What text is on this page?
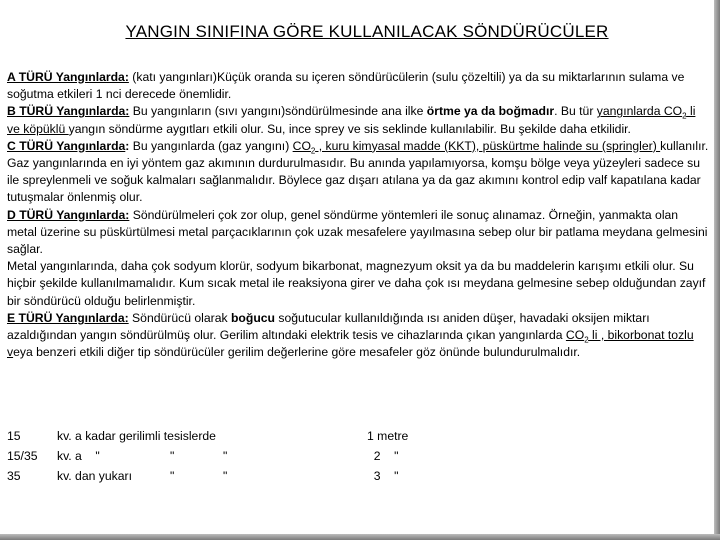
YANGIN SINIFINA GÖRE KULLANILACAK SÖNDÜRÜCÜLER

A TÜRÜ Yangınlarda: (katı yangınları)Küçük oranda su içeren söndürücülerin (sulu çözeltili) ya da su miktarlarının sulama ve soğutma etkileri 1 nci derecede önemlidir.

B TÜRÜ Yangınlarda: Bu yangınların (sıvı yangını)söndürülmesinde ana ilke örtme ya da boğmadır. Bu tür yangınlarda $CO_2$ li ve köpüklü yangın söndürme aygıtları etkili olur. Su, ince sprey ve sis seklinde kullanılabilir. Bu şekilde daha etkilidir.

C TÜRÜ Yangınlarda: Bu yangınlarda (gaz yangını) $CO_2$ , kuru kimyasal madde (KKT), püskürtme halinde su (springler) kullanılır. Gaz yangınlarında en iyi yöntem gaz akımının durdurulmasıdır. Bu anında yapılamıyorsa, komşu bölge veya yüzeyleri sadece su ile spreylenmeli ve soğuk kalmaları sağlanmalıdır. Böylece gaz dışarı atılana ya da gaz akımını kontrol edip valf kapatılana kadar tutuşmalar önlenmiş olur.

D TÜRÜ Yangınlarda: Söndürülmeleri çok zor olup, genel söndürme yöntemleri ile sonuç alınamaz. Örneğin, yanmakta olan metal üzerine su püskürtülmesi metal parçacıklarının çok uzak mesafelere yayılmasına sebep olur bir patlama meydana gelmesini sağlar.

Metal yangınlarında, daha çok sodyum klorür, sodyum bikarbonat, magnezyum oksit ya da bu maddelerin karışımı etkili olur. Su hiçbir şekilde kullanılmamalıdır. Kum sıcak metal ile reaksiyona girer ve daha çok ısı meydana gelmesine sebep olduğundan zayıf bir söndürücü olduğu belirlenmiştir.

E TÜRÜ Yangınlarda: Söndürücü olarak boğucu soğutucular kullanıldığında ısı aniden düşer, havadaki oksijen miktarı azaldığından yangın söndürülmüş olur. Gerilim altındaki elektrik tesis ve cihazlarında çıkan yangınlarda $CO_2$ li , bikorbonat tozlu veya benzeri etkili diğer tip söndürücüler gerilim değerlerine göre mesafeler göz önünde bulundurulmalıdır.

15	kv. a kadar gerilimli tesislerde	1 metre
15/35 kv. a    "	"	"	2    "
35	kv. dan yukarı	"	"	3    "
